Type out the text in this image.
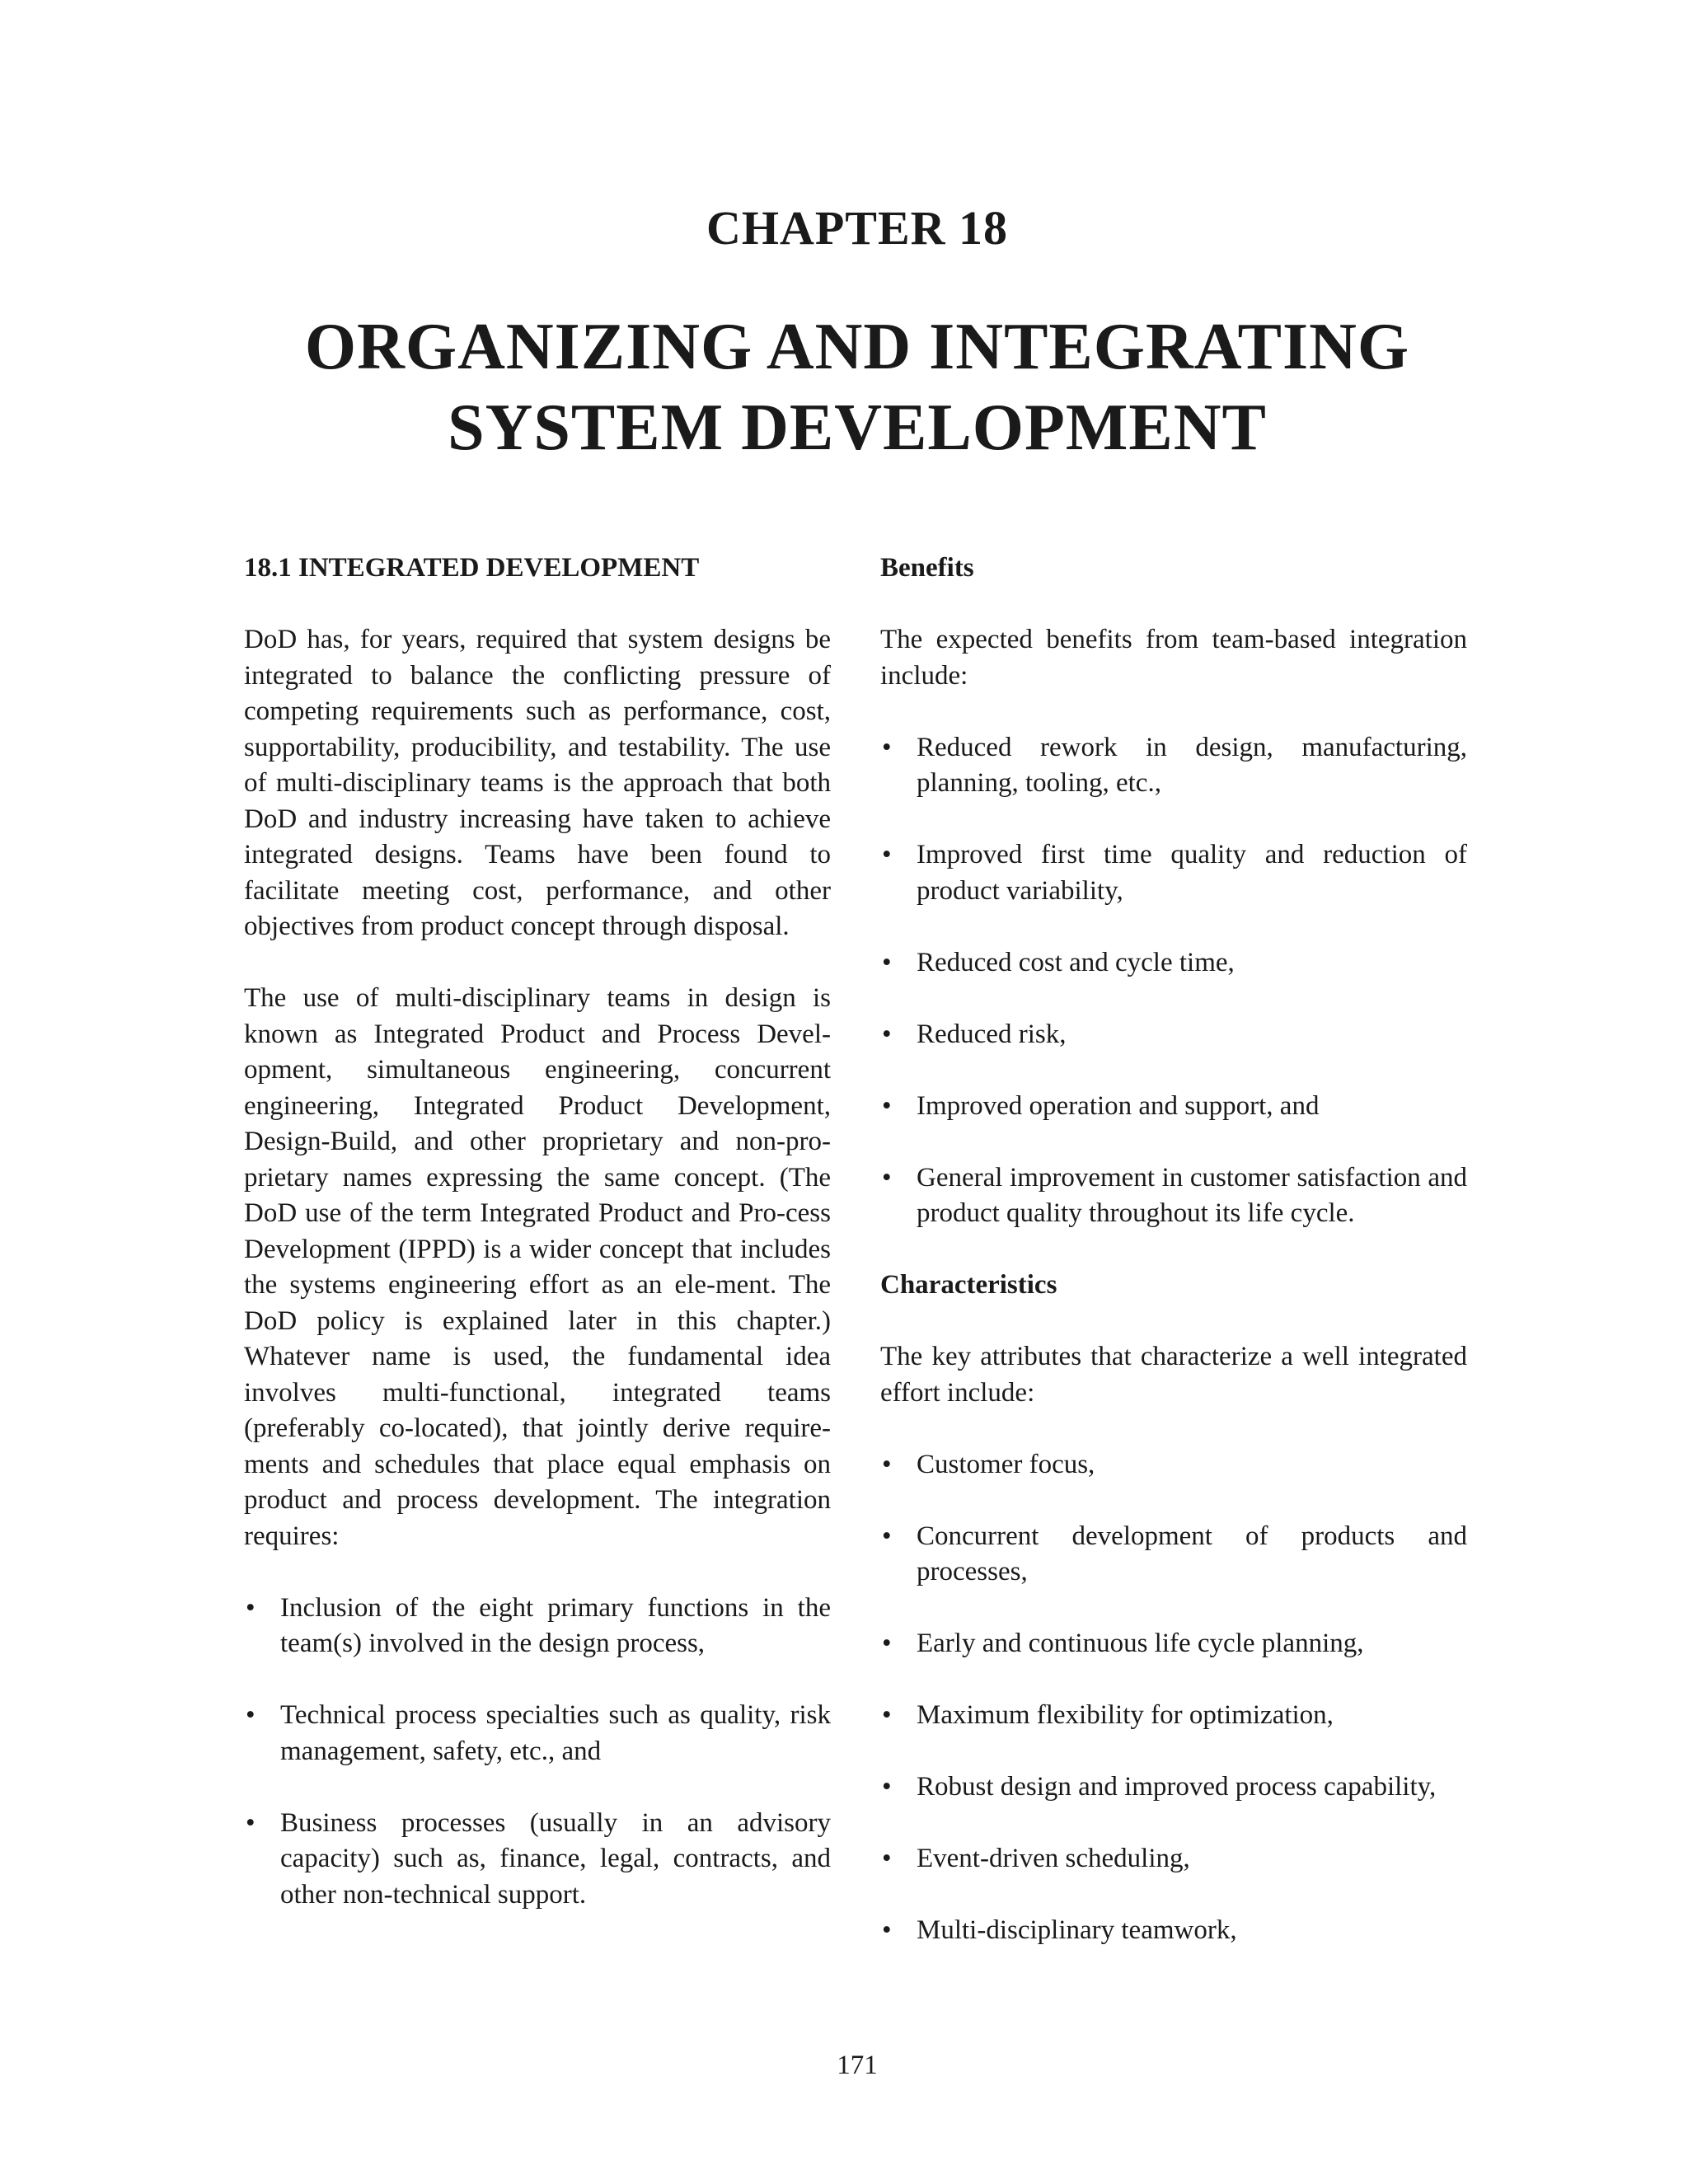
CHAPTER 18
ORGANIZING AND INTEGRATING
SYSTEM DEVELOPMENT
18.1 INTEGRATED DEVELOPMENT

DoD has, for years, required that system designs be integrated to balance the conflicting pressure of competing requirements such as performance, cost, supportability, producibility, and testability. The use of multi-disciplinary teams is the approach that both DoD and industry increasing have taken to achieve integrated designs. Teams have been found to facilitate meeting cost, performance, and other objectives from product concept through disposal.

The use of multi-disciplinary teams in design is known as Integrated Product and Process Devel-opment, simultaneous engineering, concurrent engineering, Integrated Product Development, Design-Build, and other proprietary and non-pro-prietary names expressing the same concept. (The DoD use of the term Integrated Product and Pro-cess Development (IPPD) is a wider concept that includes the systems engineering effort as an ele-ment. The DoD policy is explained later in this chapter.) Whatever name is used, the fundamental idea involves multi-functional, integrated teams (preferably co-located), that jointly derive require-ments and schedules that place equal emphasis on product and process development. The integration requires:

• Inclusion of the eight primary functions in the team(s) involved in the design process,
• Technical process specialties such as quality, risk management, safety, etc., and
• Business processes (usually in an advisory capacity) such as, finance, legal, contracts, and other non-technical support.
Benefits

The expected benefits from team-based integration include:

• Reduced rework in design, manufacturing, planning, tooling, etc.,
• Improved first time quality and reduction of product variability,
• Reduced cost and cycle time,
• Reduced risk,
• Improved operation and support, and
• General improvement in customer satisfaction and product quality throughout its life cycle.
Characteristics

The key attributes that characterize a well integrated effort include:

• Customer focus,
• Concurrent development of products and processes,
• Early and continuous life cycle planning,
• Maximum flexibility for optimization,
• Robust design and improved process capability,
• Event-driven scheduling,
• Multi-disciplinary teamwork,
171
